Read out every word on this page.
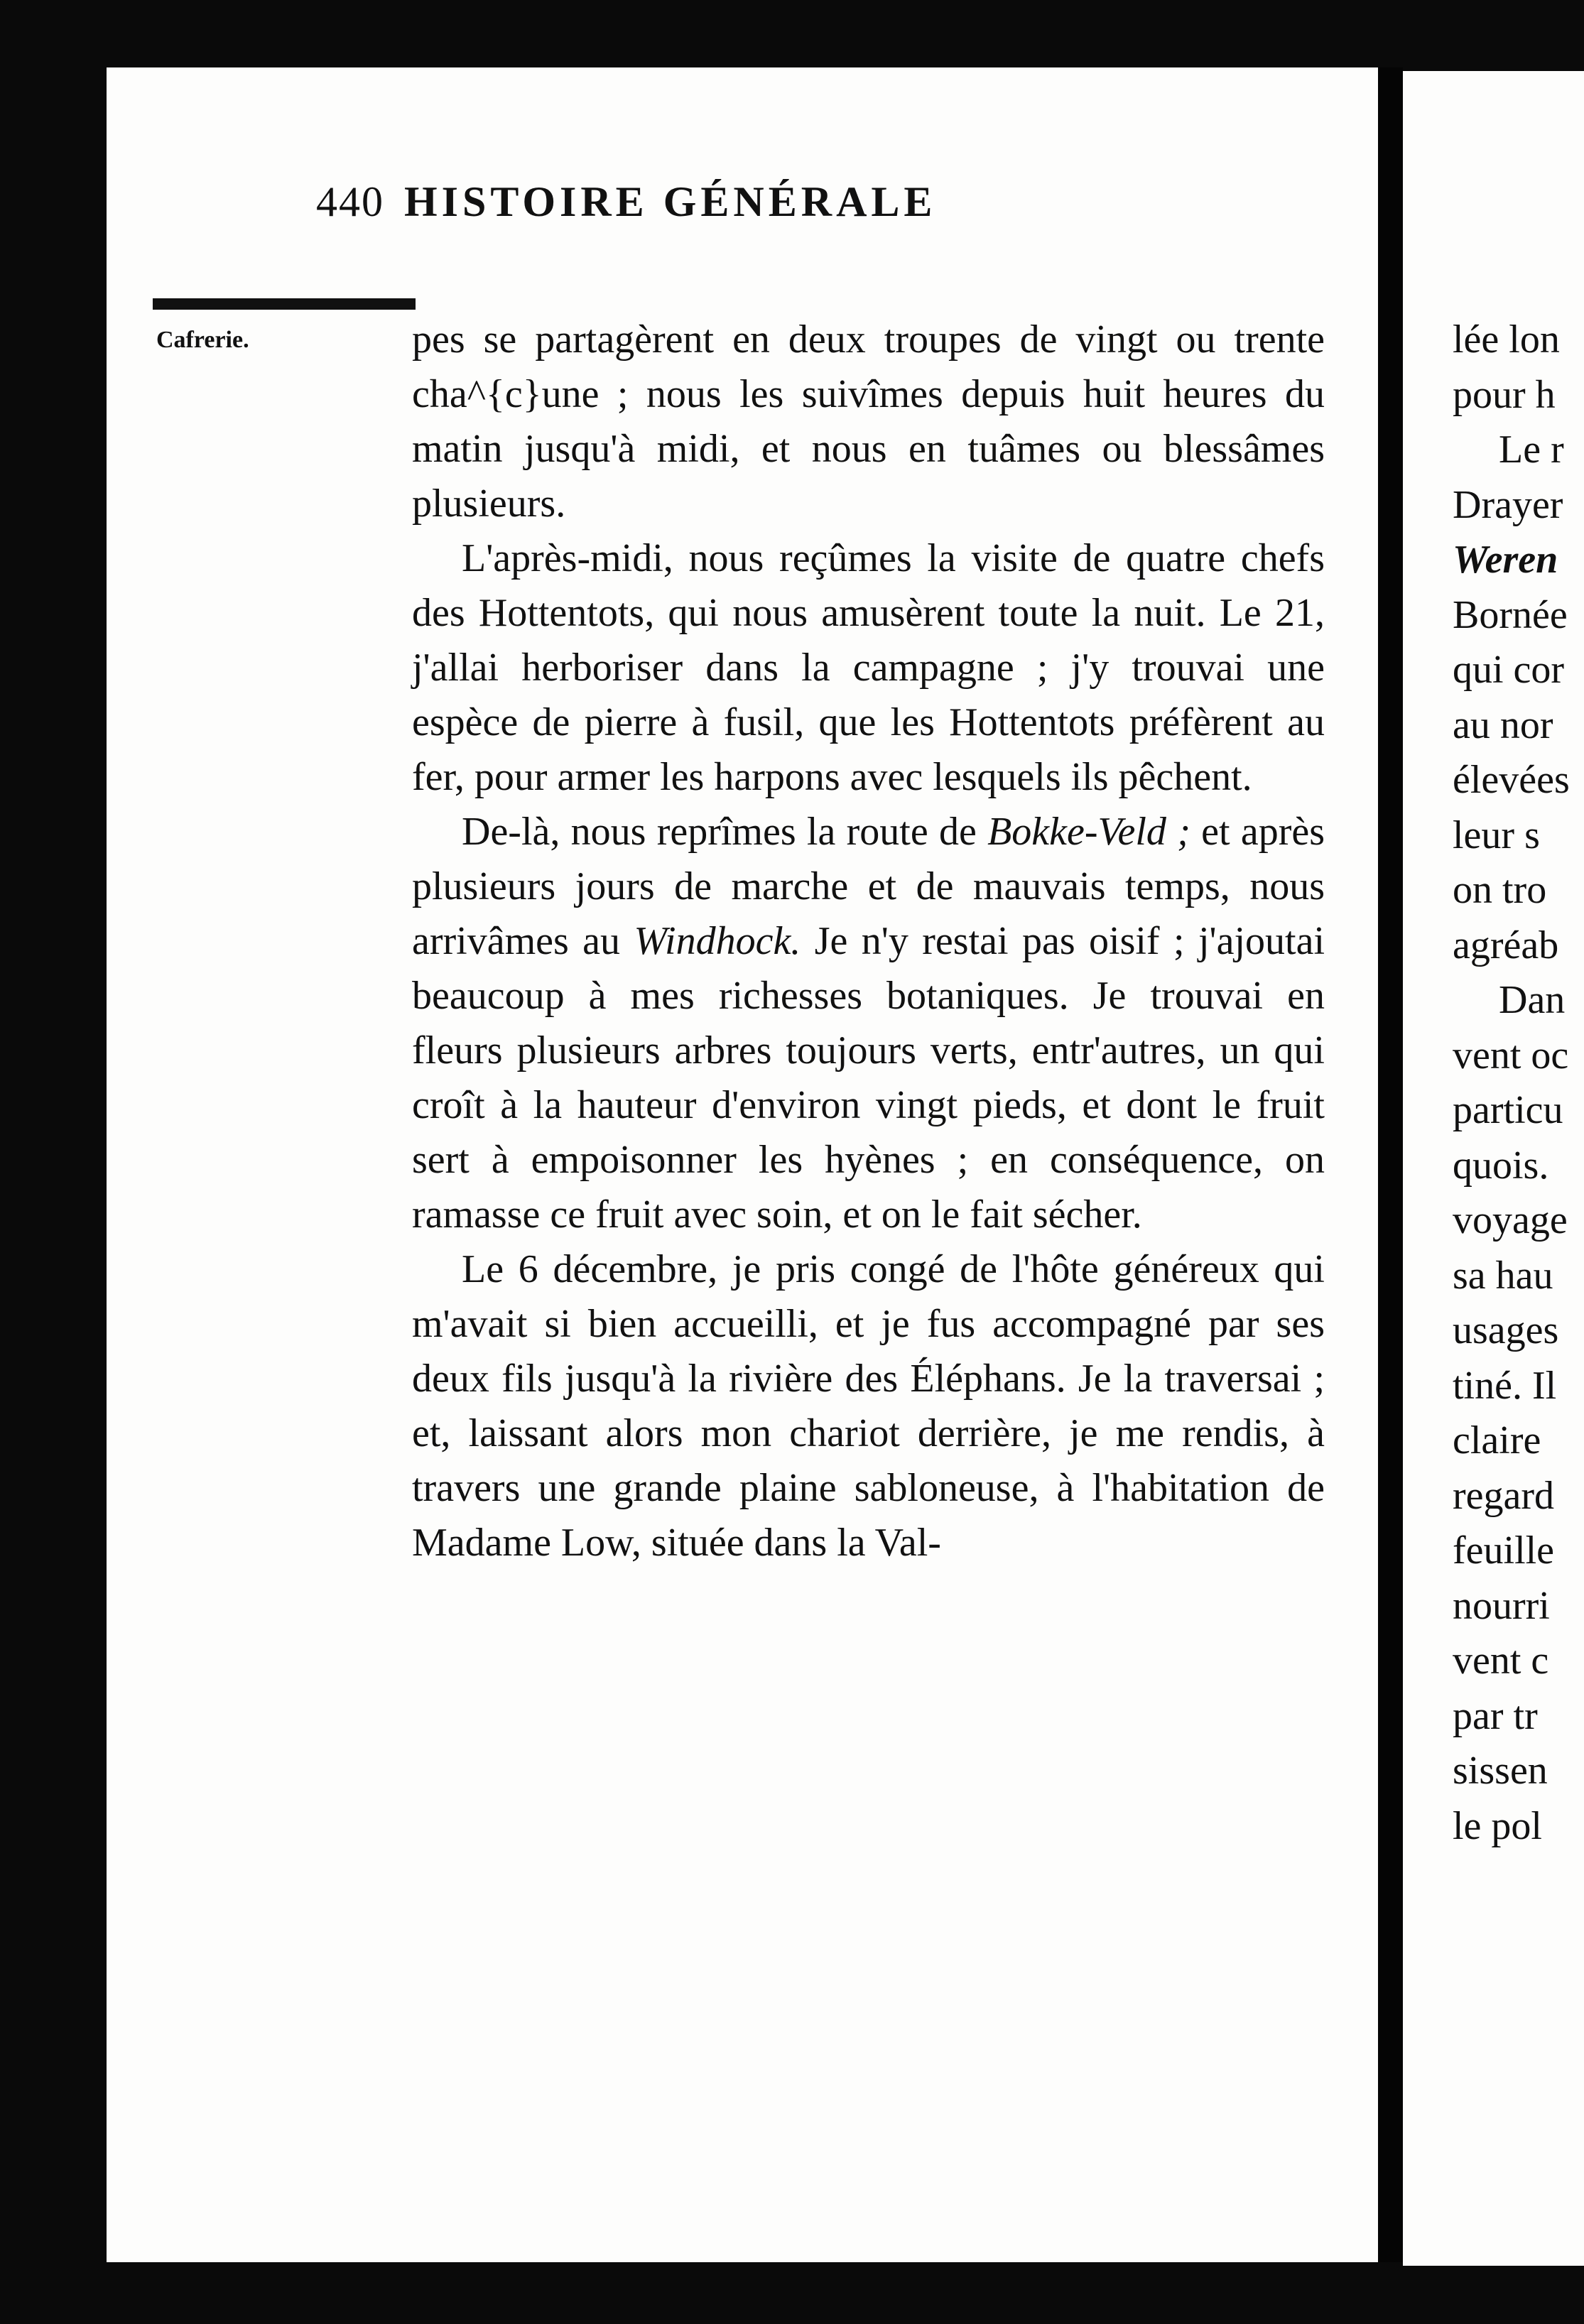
440 HISTOIRE GÉNÉRALE
Cafrerie.	pes se partagèrent en deux troupes de vingt ou trente cha^{c}une ; nous les suivîmes depuis huit heures du matin jusqu'à midi, et nous en tuâmes ou blessâmes plusieurs.

L'après-midi, nous reçûmes la visite de quatre chefs des Hottentots, qui nous amusèrent toute la nuit. Le 21, j'allai herboriser dans la campagne ; j'y trouvai une espèce de pierre à fusil, que les Hottentots préfèrent au fer, pour armer les harpons avec lesquels ils pêchent.

De-là, nous reprîmes la route de Bokke-Veld ; et après plusieurs jours de marche et de mauvais temps, nous arrivâmes au Windhock. Je n'y restai pas oisif ; j'ajoutai beaucoup à mes richesses botaniques. Je trouvai en fleurs plusieurs arbres toujours verts, entr'autres, un qui croît à la hauteur d'environ vingt pieds, et dont le fruit sert à empoisonner les hyènes ; en conséquence, on ramasse ce fruit avec soin, et on le fait sécher.

Le 6 décembre, je pris congé de l'hôte généreux qui m'avait si bien accueilli, et je fus accompagné par ses deux fils jusqu'à la rivière des Éléphans. Je la traversai ; et, laissant alors mon chariot derrière, je me rendis, à travers une grande plaine sabloneuse, à l'habitation de Madame Low, située dans la Val-

lée lon
pour h
Le r
Drayer
Weren
Bornée
qui cor
au nor
élevées
leur s
on tro
agréab
Dan
vent oc
particu
quois.
voyage
sa hau
usages
tiné. Il
claire
regard
feuille
nourri
vent c
par tr
sissen
le pol
